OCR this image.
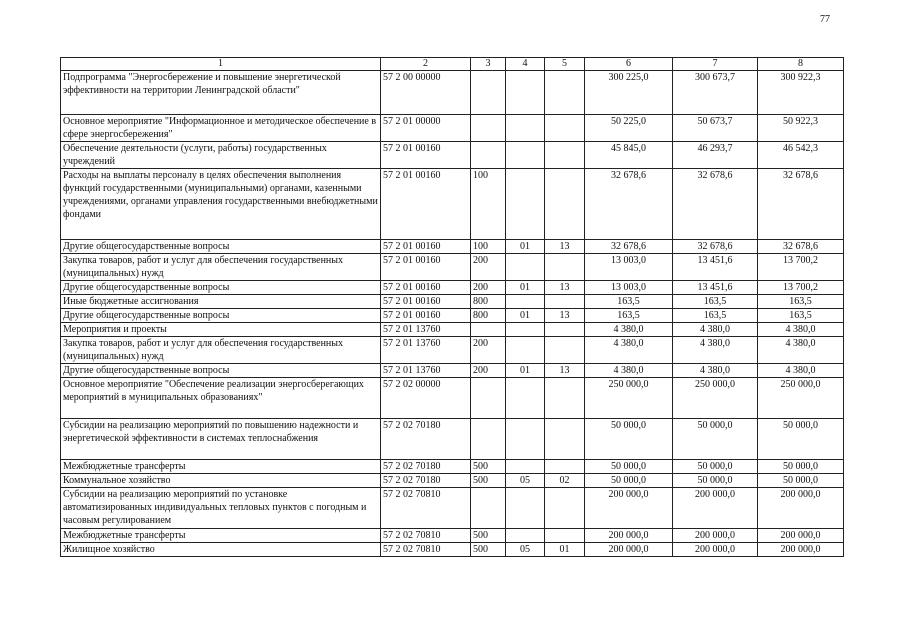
77
1	2	3	4	5	6	7	8
Подпрограмма "Энергосбережение и повышение энергетической эффективности на территории Ленинградской области"	57 2 00 00000				300 225,0	300 673,7	300 922,3
Основное мероприятие "Информационное и методическое обеспечение в сфере энергосбережения"	57 2 01 00000				50 225,0	50 673,7	50 922,3
Обеспечение деятельности (услуги, работы) государственных учреждений	57 2 01 00160				45 845,0	46 293,7	46 542,3
Расходы на выплаты персоналу в целях обеспечения выполнения функций государственными (муниципальными) органами, казенными учреждениями, органами управления государственными внебюджетными фондами	57 2 01 00160	100			32 678,6	32 678,6	32 678,6
Другие общегосударственные вопросы	57 2 01 00160	100	01	13	32 678,6	32 678,6	32 678,6
Закупка товаров, работ и услуг для обеспечения государственных (муниципальных) нужд	57 2 01 00160	200			13 003,0	13 451,6	13 700,2
Другие общегосударственные вопросы	57 2 01 00160	200	01	13	13 003,0	13 451,6	13 700,2
Иные бюджетные ассигнования	57 2 01 00160	800			163,5	163,5	163,5
Другие общегосударственные вопросы	57 2 01 00160	800	01	13	163,5	163,5	163,5
Мероприятия и проекты	57 2 01 13760				4 380,0	4 380,0	4 380,0
Закупка товаров, работ и услуг для обеспечения государственных (муниципальных) нужд	57 2 01 13760	200			4 380,0	4 380,0	4 380,0
Другие общегосударственные вопросы	57 2 01 13760	200	01	13	4 380,0	4 380,0	4 380,0
Основное мероприятие "Обеспечение реализации энергосберегающих мероприятий в муниципальных образованиях"	57 2 02 00000				250 000,0	250 000,0	250 000,0
Субсидии на реализацию мероприятий по повышению надежности и энергетической эффективности в системах теплоснабжения	57 2 02 70180				50 000,0	50 000,0	50 000,0
Межбюджетные трансферты	57 2 02 70180	500			50 000,0	50 000,0	50 000,0
Коммунальное хозяйство	57 2 02 70180	500	05	02	50 000,0	50 000,0	50 000,0
Субсидии на реализацию мероприятий по установке автоматизированных индивидуальных тепловых пунктов с погодным и часовым регулированием	57 2 02 70810				200 000,0	200 000,0	200 000,0
Межбюджетные трансферты	57 2 02 70810	500			200 000,0	200 000,0	200 000,0
Жилищное хозяйство	57 2 02 70810	500	05	01	200 000,0	200 000,0	200 000,0
